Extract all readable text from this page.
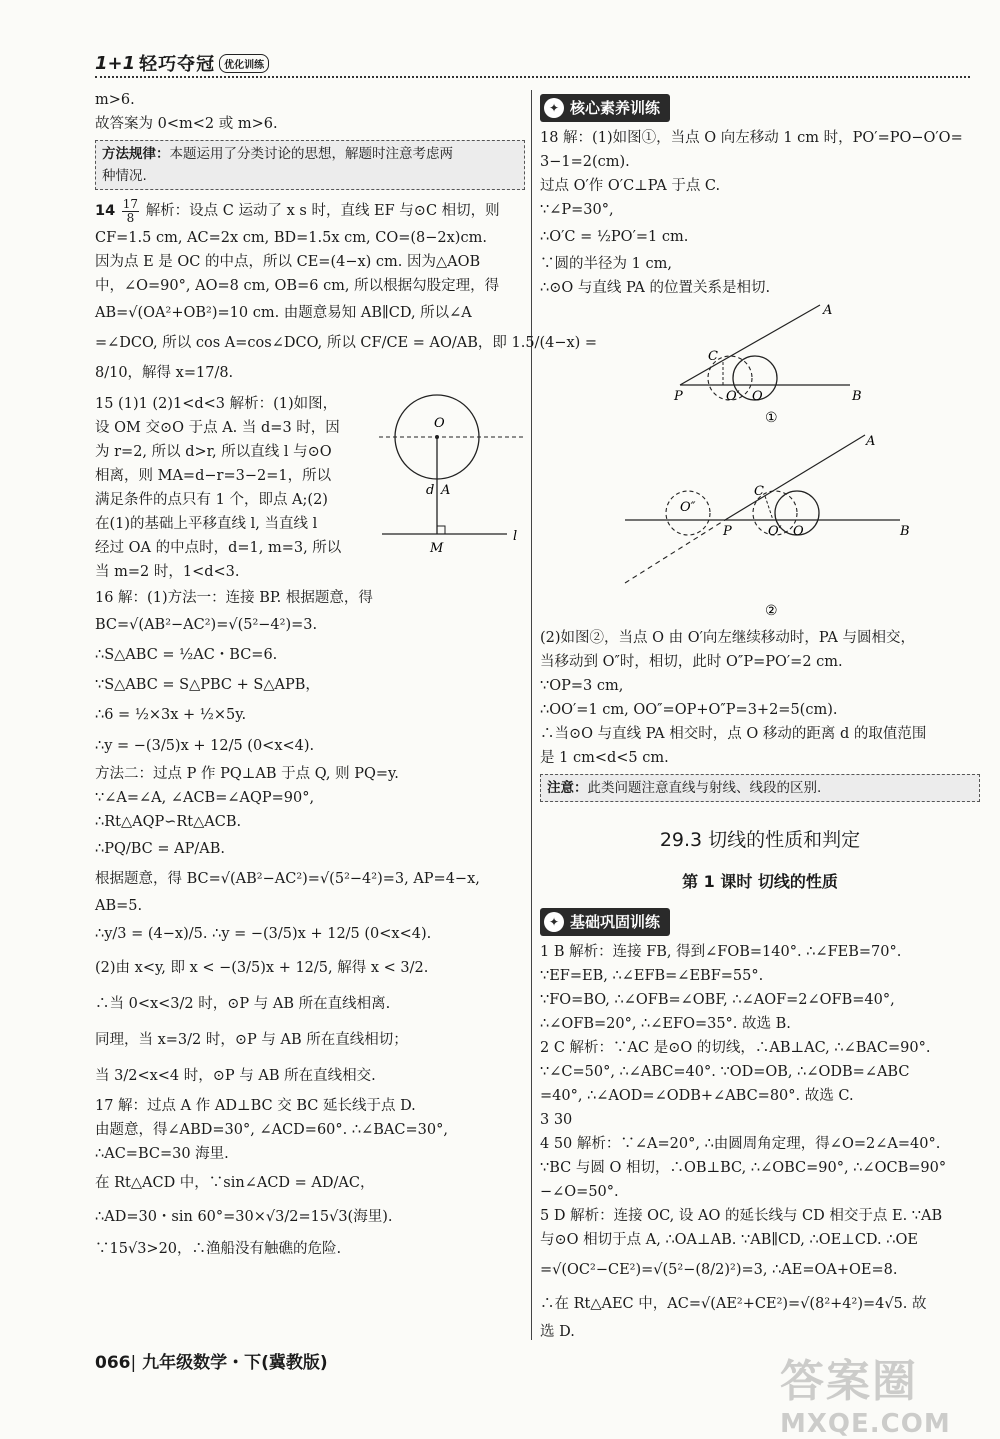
1+1 轻巧夺冠 优化训练

m>6.

故答案为 0<m<2 或 m>6.

方法规律：本题运用了分类讨论的思想，解题时注意考虑两
种情况.

$14 \frac{17}{8}$ 解析：设点 C 运动了 x s 时，直线 EF 与⊙C 相切，则

CF=1.5 cm, AC=2x cm, BD=1.5x cm, CO=(8−2x)cm.

因为点 E 是 OC 的中点，所以 CE=(4−x) cm. 因为△AOB

中，∠O=90°, AO=8 cm, OB=6 cm, 所以根据勾股定理，得

AB=√(OA²+OB²)=10 cm. 由题意易知 AB∥CD, 所以∠A

=∠DCO, 所以 cos A=cos∠DCO, 所以 CF/CE = AO/AB，即 1.5/(4−x) =

8/10，解得 x=17/8.

15 (1)1 (2)1<d<3 解析：(1)如图，

设 OM 交⊙O 于点 A. 当 d=3 时，因

为 r=2, 所以 d>r, 所以直线 l 与⊙O

相离，则 MA=d−r=3−2=1，所以

满足条件的点只有 1 个，即点 A;(2)

在(1)的基础上平移直线 l, 当直线 l

经过 OA 的中点时，d=1, m=3, 所以

当 m=2 时，1<d<3.

O
d A
M
l

16 解：(1)方法一：连接 BP. 根据题意，得

BC=√(AB²−AC²)=√(5²−4²)=3.

∴S△ABC = ½AC・BC=6.

∵S△ABC = S△PBC + S△APB，

∴6 = ½×3x + ½×5y.

∴y = −(3/5)x + 12/5 (0<x<4).

方法二：过点 P 作 PQ⊥AB 于点 Q, 则 PQ=y.

∵∠A=∠A, ∠ACB=∠AQP=90°,

∴Rt△AQP∽Rt△ACB.

∴PQ/BC = AP/AB.

根据题意，得 BC=√(AB²−AC²)=√(5²−4²)=3, AP=4−x,

AB=5.

∴y/3 = (4−x)/5. ∴y = −(3/5)x + 12/5 (0<x<4).

(2)由 x<y, 即 x < −(3/5)x + 12/5, 解得 x < 3/2.

∴当 0<x<3/2 时，⊙P 与 AB 所在直线相离.

同理，当 x=3/2 时，⊙P 与 AB 所在直线相切；

当 3/2<x<4 时，⊙P 与 AB 所在直线相交.

17 解：过点 A 作 AD⊥BC 交 BC 延长线于点 D.

由题意，得∠ABD=30°, ∠ACD=60°. ∴∠BAC=30°,

∴AC=BC=30 海里.

在 Rt△ACD 中，∵sin∠ACD = AD/AC，

∴AD=30・sin 60°=30×√3/2=15√3(海里).

∵15√3>20，∴渔船没有触礁的危险.

✦ 核心素养训练

18 解：(1)如图①，当点 O 向左移动 1 cm 时，PO′=PO−O′O=

3−1=2(cm).

过点 O′作 O′C⊥PA 于点 C.

∵∠P=30°,

∴O′C = ½PO′=1 cm.

∵圆的半径为 1 cm,

∴⊙O 与直线 PA 的位置关系是相切.

A
C
P	O′ O	B
①

A
C
O″
P	O′ O	B
②

(2)如图②，当点 O 由 O′向左继续移动时，PA 与圆相交，

当移动到 O″时，相切，此时 O″P=PO′=2 cm.

∵OP=3 cm,

∴OO′=1 cm, OO″=OP+O″P=3+2=5(cm).

∴当⊙O 与直线 PA 相交时，点 O 移动的距离 d 的取值范围

是 1 cm<d<5 cm.

注意：此类问题注意直线与射线、线段的区别.
29.3 切线的性质和判定
第 1 课时 切线的性质
✦ 基础巩固训练

1 B 解析：连接 FB, 得到∠FOB=140°. ∴∠FEB=70°.

∵EF=EB, ∴∠EFB=∠EBF=55°.

∵FO=BO, ∴∠OFB=∠OBF, ∴∠AOF=2∠OFB=40°,

∴∠OFB=20°, ∴∠EFO=35°. 故选 B.

2 C 解析：∵AC 是⊙O 的切线，∴AB⊥AC, ∴∠BAC=90°.

∵∠C=50°, ∴∠ABC=40°. ∵OD=OB, ∴∠ODB=∠ABC

=40°, ∴∠AOD=∠ODB+∠ABC=80°. 故选 C.

3 30

4 50 解析：∵∠A=20°, ∴由圆周角定理，得∠O=2∠A=40°.

∵BC 与圆 O 相切，∴OB⊥BC, ∴∠OBC=90°, ∴∠OCB=90°

−∠O=50°.

5 D 解析：连接 OC, 设 AO 的延长线与 CD 相交于点 E. ∵AB

与⊙O 相切于点 A, ∴OA⊥AB. ∵AB∥CD, ∴OE⊥CD. ∴OE

=√(OC²−CE²)=√(5²−(8/2)²)=3, ∴AE=OA+OE=8.

∴在 Rt△AEC 中，AC=√(AE²+CE²)=√(8²+4²)=4√5. 故

选 D.

066| 九年级数学・下(冀教版)	答案圈
MXQE.COM
